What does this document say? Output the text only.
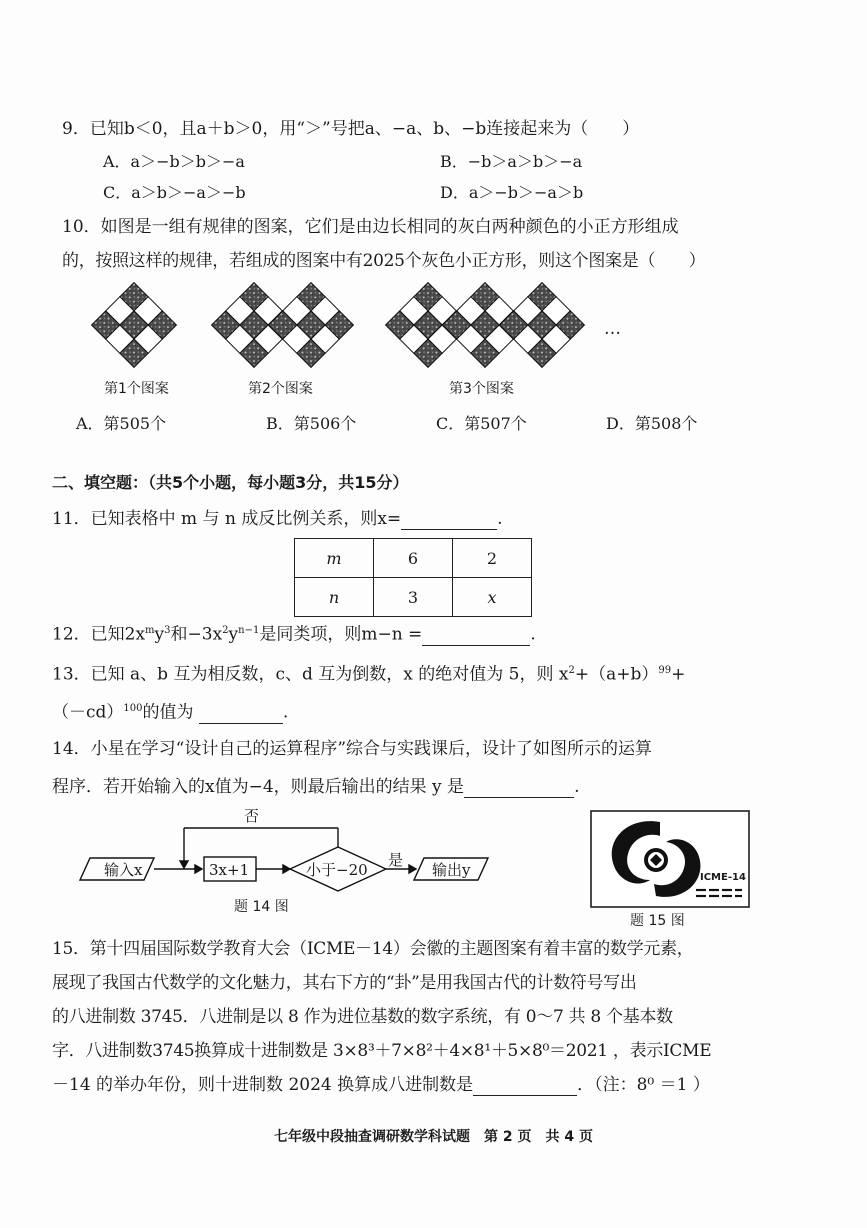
9．已知b＜0，且a＋b＞0，用“＞”号把a、−a、b、−b连接起来为（　　）
A．a＞−b＞b＞−a	B．−b＞a＞b＞−a
C．a＞b＞−a＞−b	D．a＞−b＞−a＞b
10．如图是一组有规律的图案，它们是由边长相同的灰白两种颜色的小正方形组成
的，按照这样的规律，若组成的图案中有2025个灰色小正方形，则这个图案是（　　）
…
第1个图案	第2个图案	第3个图案
A．第505个	B．第506个	C．第507个	D．第508个
二、填空题：（共5个小题，每小题3分，共15分）
11．已知表格中 m 与 n 成反比例关系，则x=	.
m	6	2
n	3	x
12．已知$2x^my^3$和$-3x^2y^{n-1}$是同类项，则m−n =	.
13．已知 a、b 互为相反数，c、d 互为倒数，x 的绝对值为 5，则 $x^2+(a+b)^{99}+$
$(-cd)^{100}$的值为	.
14．小星在学习“设计自己的运算程序”综合与实践课后，设计了如图所示的运算
程序．若开始输入的x值为−4，则最后输出的结果 y 是	.
否
输入x	3x+1	小于−20
是
输出y
题 14 图
ICME-14
题 15 图
15．第十四届国际数学教育大会（ICME－14）会徽的主题图案有着丰富的数学元素，
展现了我国古代数学的文化魅力，其右下方的“卦”是用我国古代的计数符号写出
的八进制数 3745．八进制是以 8 作为进位基数的数字系统，有 0～7 共 8 个基本数
字．八进制数3745换算成十进制数是 3×8³＋7×8²＋4×8¹＋5×8⁰＝2021 ，表示ICME
－14 的举办年份，则十进制数 2024 换算成八进制数是	．（注：8⁰ ＝1 ）
七年级中段抽查调研数学科试题　第 2 页　共 4 页
